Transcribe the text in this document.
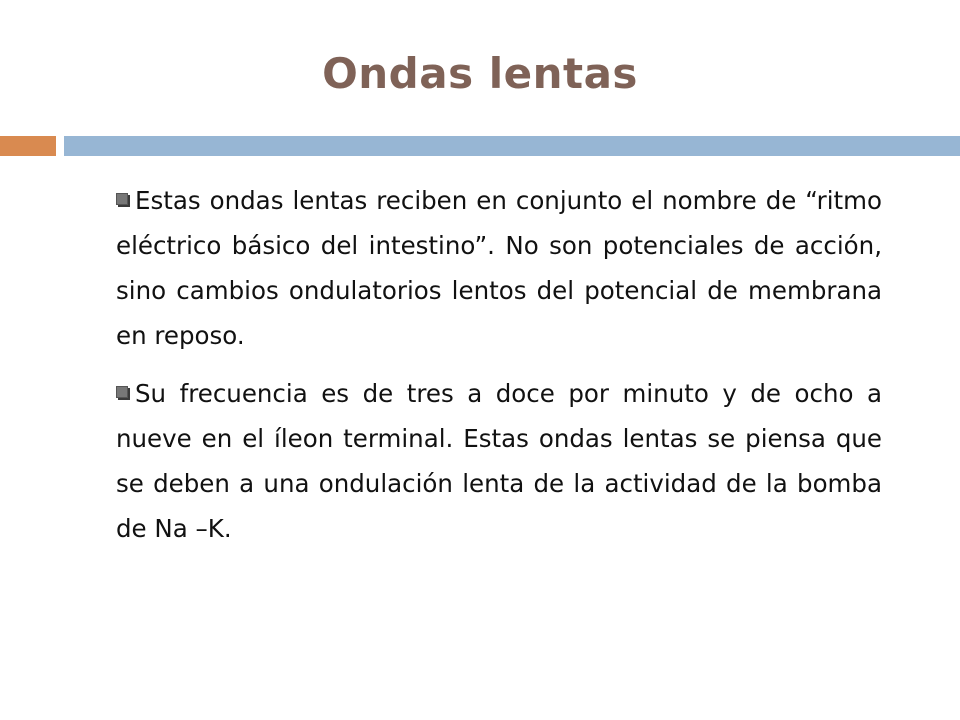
Ondas lentas

Estas ondas lentas reciben en conjunto el nombre de “ritmo eléctrico básico del intestino”. No son potenciales de acción, sino cambios ondulatorios lentos del potencial de membrana en reposo.

Su frecuencia es de tres a doce por minuto y de ocho a nueve en el íleon terminal. Estas ondas lentas se piensa que se deben a una ondulación lenta de la actividad de la bomba de Na –K.
